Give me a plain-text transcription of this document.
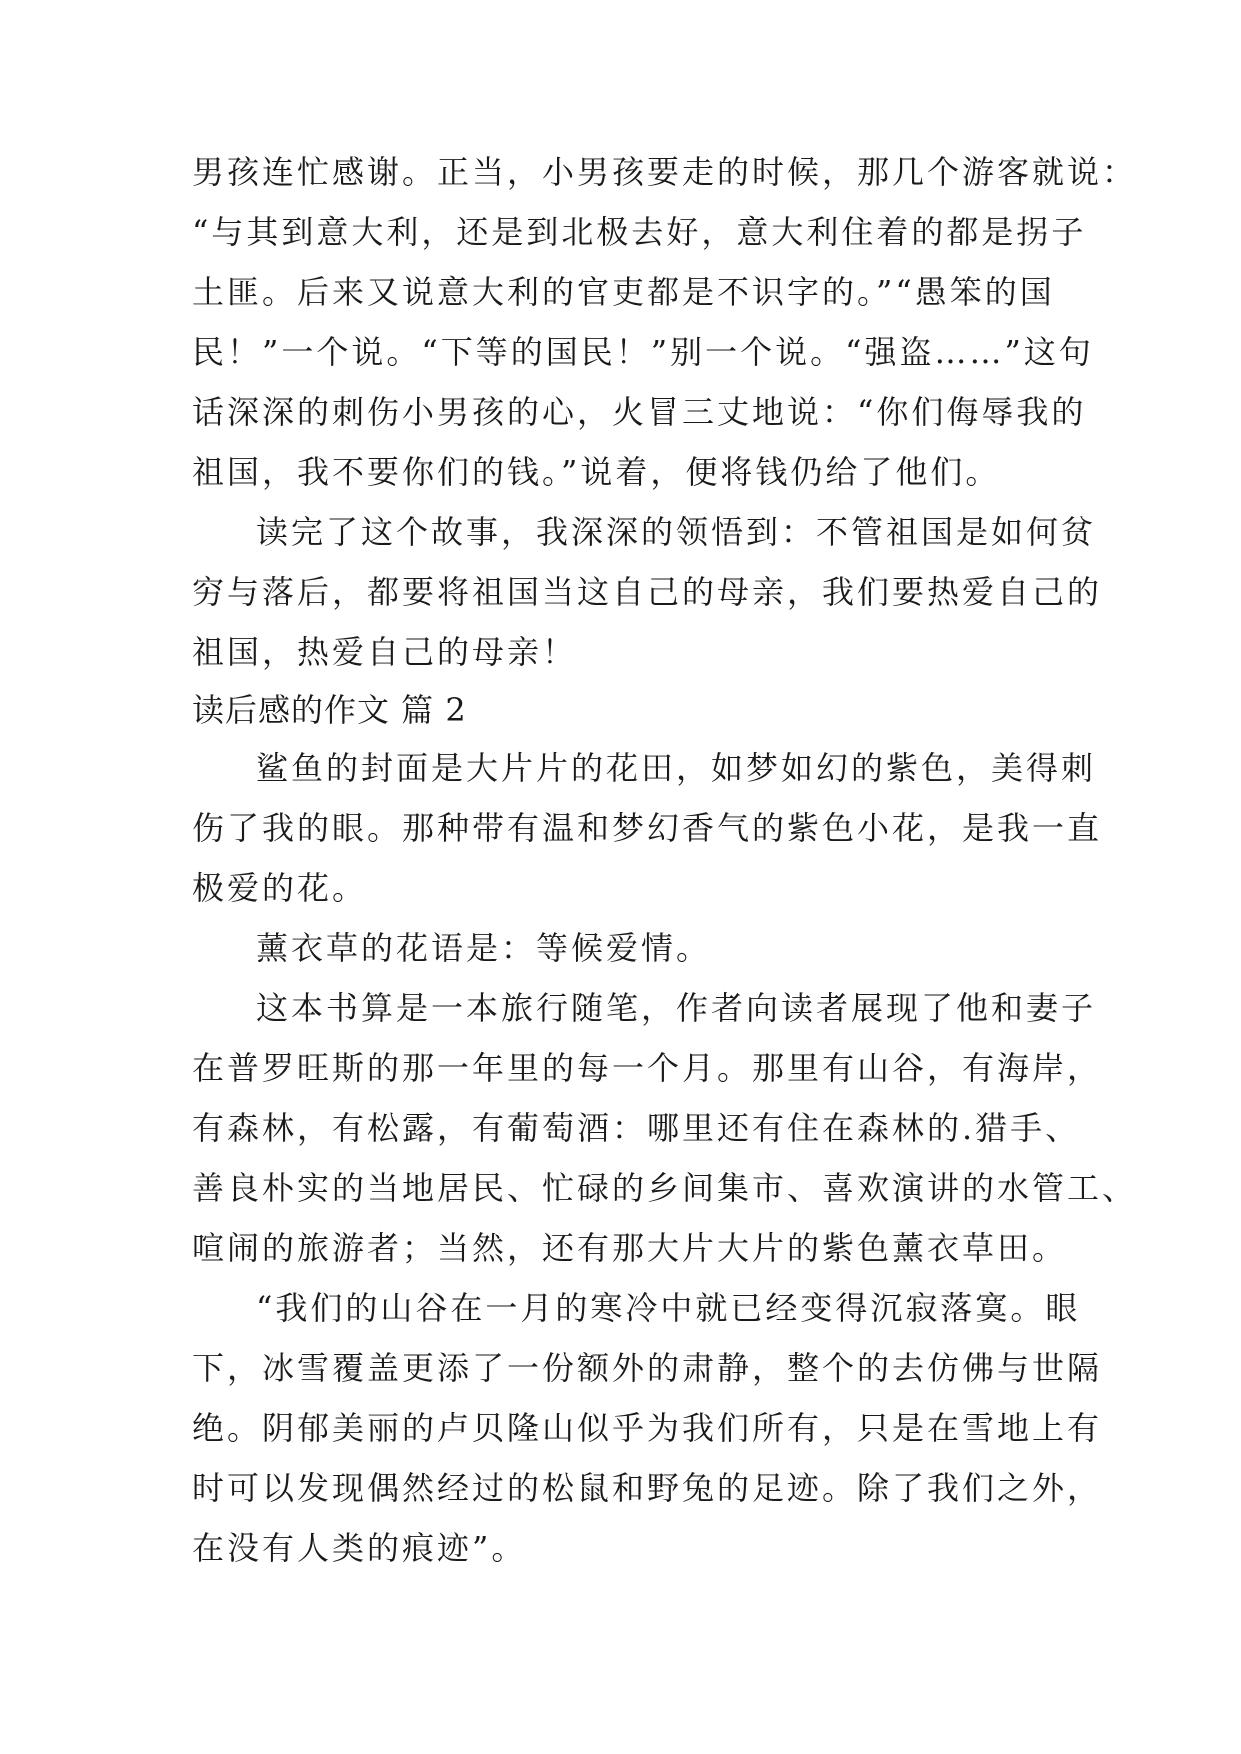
男孩连忙感谢。正当，小男孩要走的时候，那几个游客就说：
“与其到意大利，还是到北极去好，意大利住着的都是拐子
土匪。后来又说意大利的官吏都是不识字的。”“愚笨的国
民！”一个说。“下等的国民！”别一个说。“强盗……”这句
话深深的刺伤小男孩的心，火冒三丈地说：“你们侮辱我的
祖国，我不要你们的钱。”说着，便将钱仍给了他们。
读完了这个故事，我深深的领悟到：不管祖国是如何贫
穷与落后，都要将祖国当这自己的母亲，我们要热爱自己的
祖国，热爱自己的母亲！
读后感的作文 篇 2
鲨鱼的封面是大片片的花田，如梦如幻的紫色，美得刺
伤了我的眼。那种带有温和梦幻香气的紫色小花，是我一直
极爱的花。
薰衣草的花语是：等候爱情。
这本书算是一本旅行随笔，作者向读者展现了他和妻子
在普罗旺斯的那一年里的每一个月。那里有山谷，有海岸，
有森林，有松露，有葡萄酒：哪里还有住在森林的.猎手、
善良朴实的当地居民、忙碌的乡间集市、喜欢演讲的水管工、
喧闹的旅游者；当然，还有那大片大片的紫色薰衣草田。
“我们的山谷在一月的寒冷中就已经变得沉寂落寞。眼
下，冰雪覆盖更添了一份额外的肃静，整个的去仿佛与世隔
绝。阴郁美丽的卢贝隆山似乎为我们所有，只是在雪地上有
时可以发现偶然经过的松鼠和野兔的足迹。除了我们之外，
在没有人类的痕迹”。
